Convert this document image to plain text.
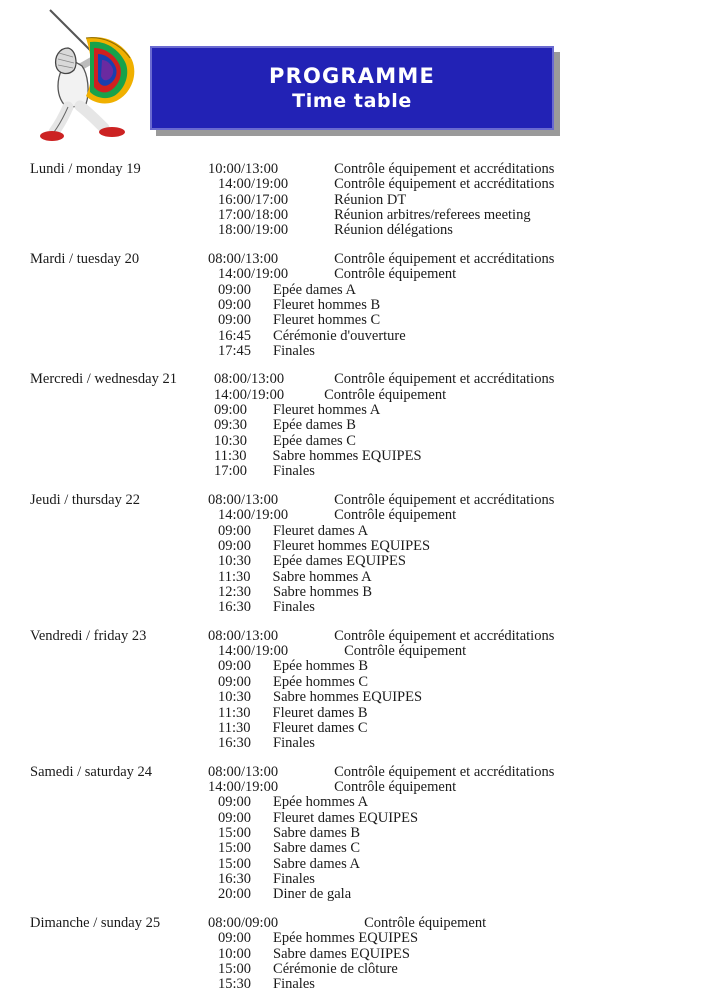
PROGRAMME
Time table
Lundi / monday 19	10:00/13:00	Contrôle équipement et accréditations
14:00/19:00	Contrôle équipement et accréditations
16:00/17:00	Réunion DT
17:00/18:00	Réunion arbitres/referees meeting
18:00/19:00	Réunion délégations
Mardi / tuesday 20	08:00/13:00	Contrôle équipement et accréditations
14:00/19:00	Contrôle équipement
09:00 Epée dames A
09:00 Fleuret hommes B
09:00 Fleuret hommes C
16:45 Cérémonie d'ouverture
17:45 Finales
Mercredi / wednesday 21	08:00/13:00	Contrôle équipement et accréditations
14:00/19:00	Contrôle équipement
09:00 Fleuret hommes A
09:30 Epée dames B
10:30 Epée dames C
11:30 Sabre hommes EQUIPES
17:00 Finales
Jeudi / thursday 22	08:00/13:00	Contrôle équipement et accréditations
14:00/19:00	Contrôle équipement
09:00 Fleuret dames A
09:00 Fleuret hommes EQUIPES
10:30 Epée dames EQUIPES
11:30 Sabre hommes A
12:30 Sabre hommes B
16:30 Finales
Vendredi / friday 23	08:00/13:00	Contrôle équipement et accréditations
14:00/19:00	Contrôle équipement
09:00 Epée hommes B
09:00 Epée hommes C
10:30 Sabre hommes EQUIPES
11:30 Fleuret dames B
11:30 Fleuret dames C
16:30 Finales
Samedi / saturday 24	08:00/13:00	Contrôle équipement et accréditations
14:00/19:00	Contrôle équipement
09:00 Epée hommes A
09:00 Fleuret dames EQUIPES
15:00 Sabre dames B
15:00 Sabre dames C
15:00 Sabre dames A
16:30 Finales
20:00 Diner de gala
Dimanche / sunday 25	08:00/09:00	Contrôle équipement
09:00 Epée hommes EQUIPES
10:00 Sabre dames EQUIPES
15:00 Cérémonie de clôture
15:30 Finales
